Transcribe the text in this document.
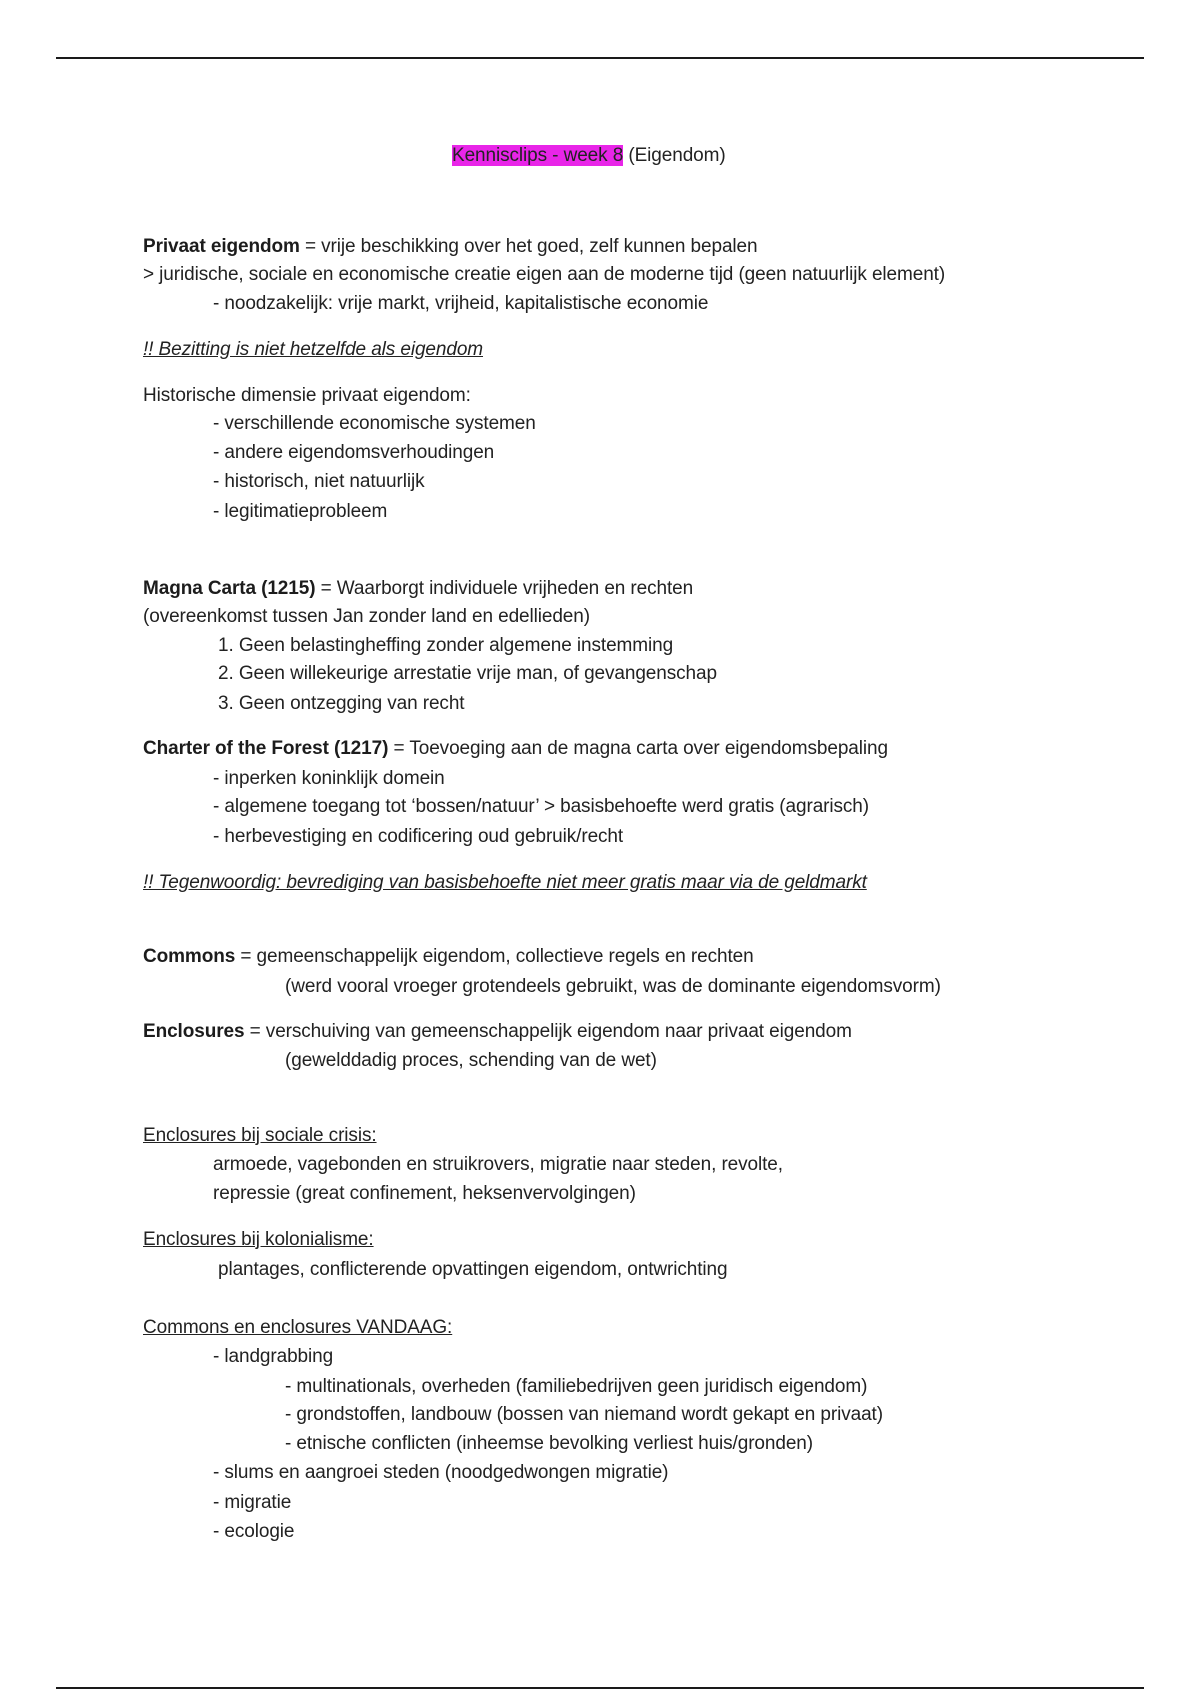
Kennisclips - week 8 (Eigendom)
Privaat eigendom = vrije beschikking over het goed, zelf kunnen bepalen
> juridische, sociale en economische creatie eigen aan de moderne tijd (geen natuurlijk element)
- noodzakelijk: vrije markt, vrijheid, kapitalistische economie
!! Bezitting is niet hetzelfde als eigendom
Historische dimensie privaat eigendom:
- verschillende economische systemen
- andere eigendomsverhoudingen
- historisch, niet natuurlijk
- legitimatieprobleem
Magna Carta (1215) = Waarborgt individuele vrijheden en rechten
(overeenkomst tussen Jan zonder land en edellieden)
1. Geen belastingheffing zonder algemene instemming
2. Geen willekeurige arrestatie vrije man, of gevangenschap
3. Geen ontzegging van recht
Charter of the Forest (1217) = Toevoeging aan de magna carta over eigendomsbepaling
- inperken koninklijk domein
- algemene toegang tot ‘bossen/natuur’ > basisbehoefte werd gratis (agrarisch)
- herbevestiging en codificering oud gebruik/recht
!! Tegenwoordig: bevrediging van basisbehoefte niet meer gratis maar via de geldmarkt
Commons = gemeenschappelijk eigendom, collectieve regels en rechten
(werd vooral vroeger grotendeels gebruikt, was de dominante eigendomsvorm)
Enclosures = verschuiving van gemeenschappelijk eigendom naar privaat eigendom
(gewelddadig proces, schending van de wet)
Enclosures bij sociale crisis:
armoede, vagebonden en struikrovers, migratie naar steden, revolte,
repressie (great confinement, heksenvervolgingen)
Enclosures bij kolonialisme:
plantages, conflicterende opvattingen eigendom, ontwrichting
Commons en enclosures VANDAAG:
- landgrabbing
- multinationals, overheden (familiebedrijven geen juridisch eigendom)
- grondstoffen, landbouw (bossen van niemand wordt gekapt en privaat)
- etnische conflicten (inheemse bevolking verliest huis/gronden)
- slums en aangroei steden (noodgedwongen migratie)
- migratie
- ecologie
